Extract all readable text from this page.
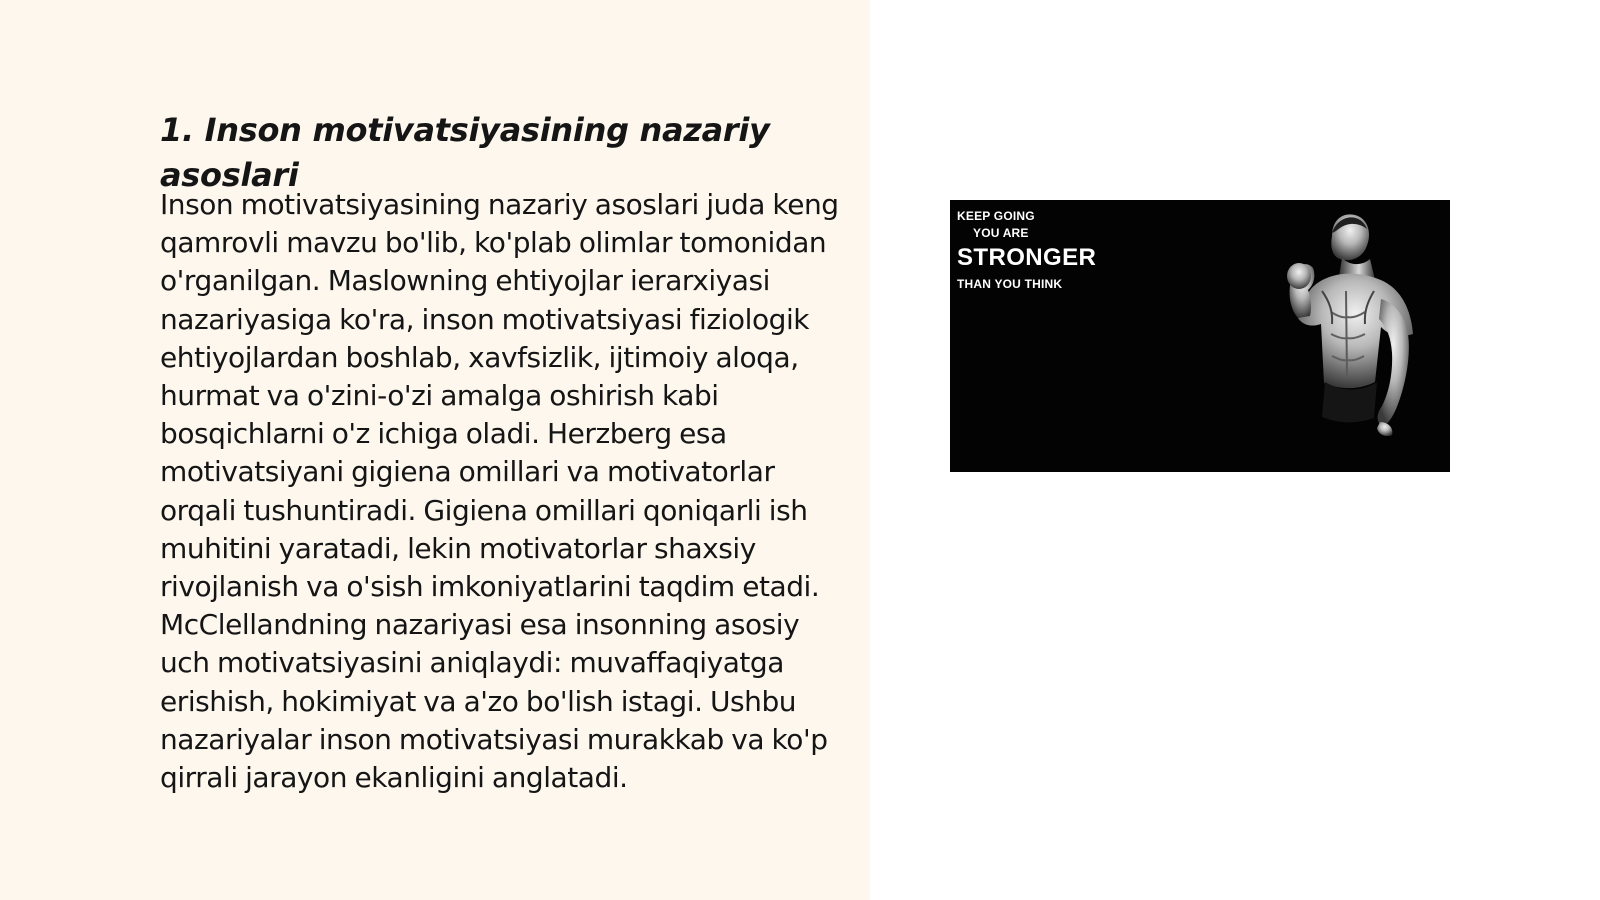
1. Inson motivatsiyasining nazariy asoslari

Inson motivatsiyasining nazariy asoslari juda keng qamrovli mavzu bo'lib, ko'plab olimlar tomonidan o'rganilgan. Maslowning ehtiyojlar ierarxiyasi nazariyasiga ko'ra, inson motivatsiyasi fiziologik ehtiyojlardan boshlab, xavfsizlik, ijtimoiy aloqa, hurmat va o'zini-o'zi amalga oshirish kabi bosqichlarni o'z ichiga oladi. Herzberg esa motivatsiyani gigiena omillari va motivatorlar orqali tushuntiradi. Gigiena omillari qoniqarli ish muhitini yaratadi, lekin motivatorlar shaxsiy rivojlanish va o'sish imkoniyatlarini taqdim etadi. McClellandning nazariyasi esa insonning asosiy uch motivatsiyasini aniqlaydi: muvaffaqiyatga erishish, hokimiyat va a'zo bo'lish istagi. Ushbu nazariyalar inson motivatsiyasi murakkab va ko'p qirrali jarayon ekanligini anglatadi.

KEEP GOING

YOU ARE

STRONGER

THAN YOU THINK
